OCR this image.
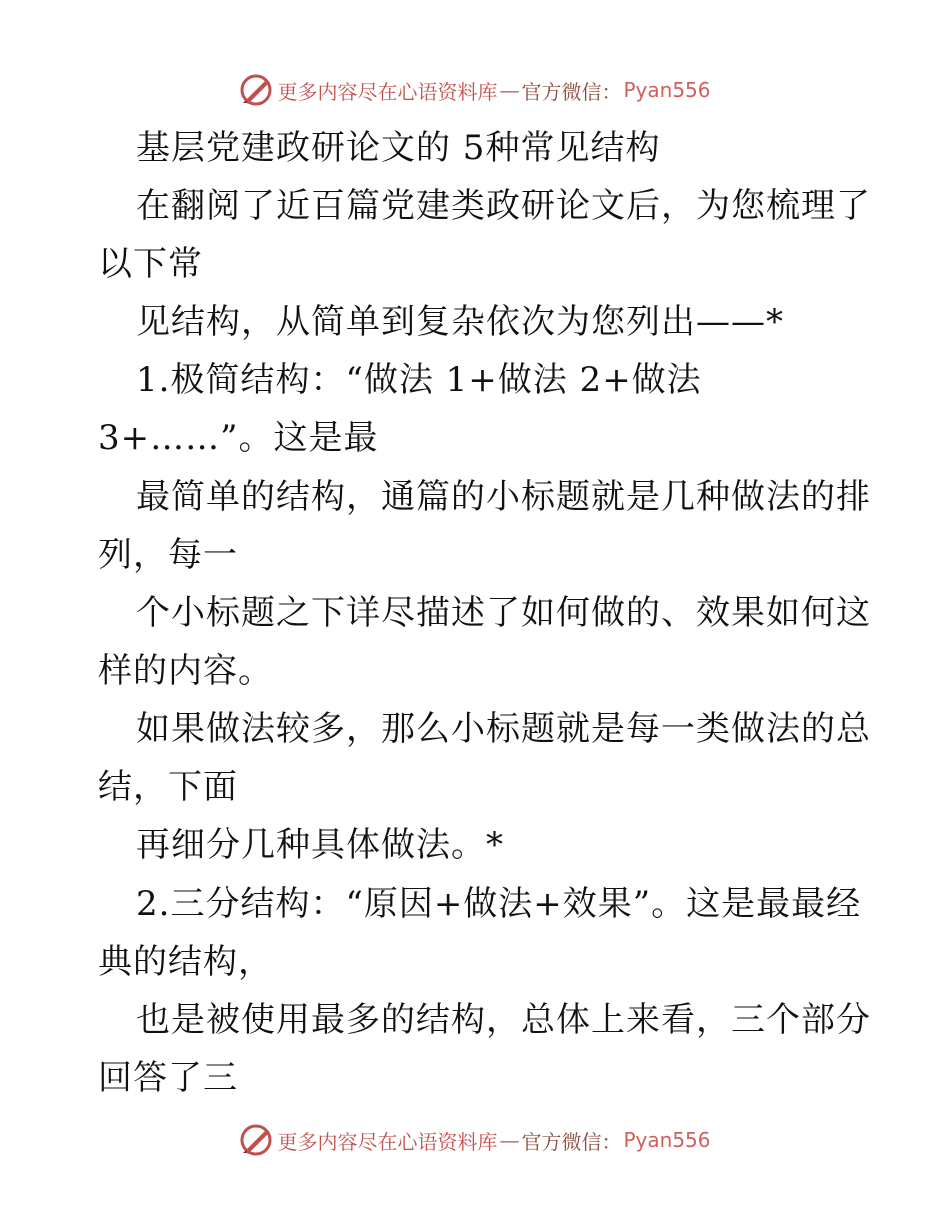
更多内容尽在心语资料库 — 官方微信： Pyan556
基层党建政研论文的 5种常见结构
在翻阅了近百篇党建类政研论文后，为您梳理了
以下常
见结构，从简单到复杂依次为您列出——*
1.极简结构：“做法 1+做法 2+做法
3+……”。这是最
最简单的结构，通篇的小标题就是几种做法的排
列，每一
个小标题之下详尽描述了如何做的、效果如何这
样的内容。
如果做法较多，那么小标题就是每一类做法的总
结，下面
再细分几种具体做法。*
2.三分结构：“原因+做法+效果”。这是最最经
典的结构，
也是被使用最多的结构，总体上来看，三个部分
回答了三
更多内容尽在心语资料库 — 官方微信： Pyan556
